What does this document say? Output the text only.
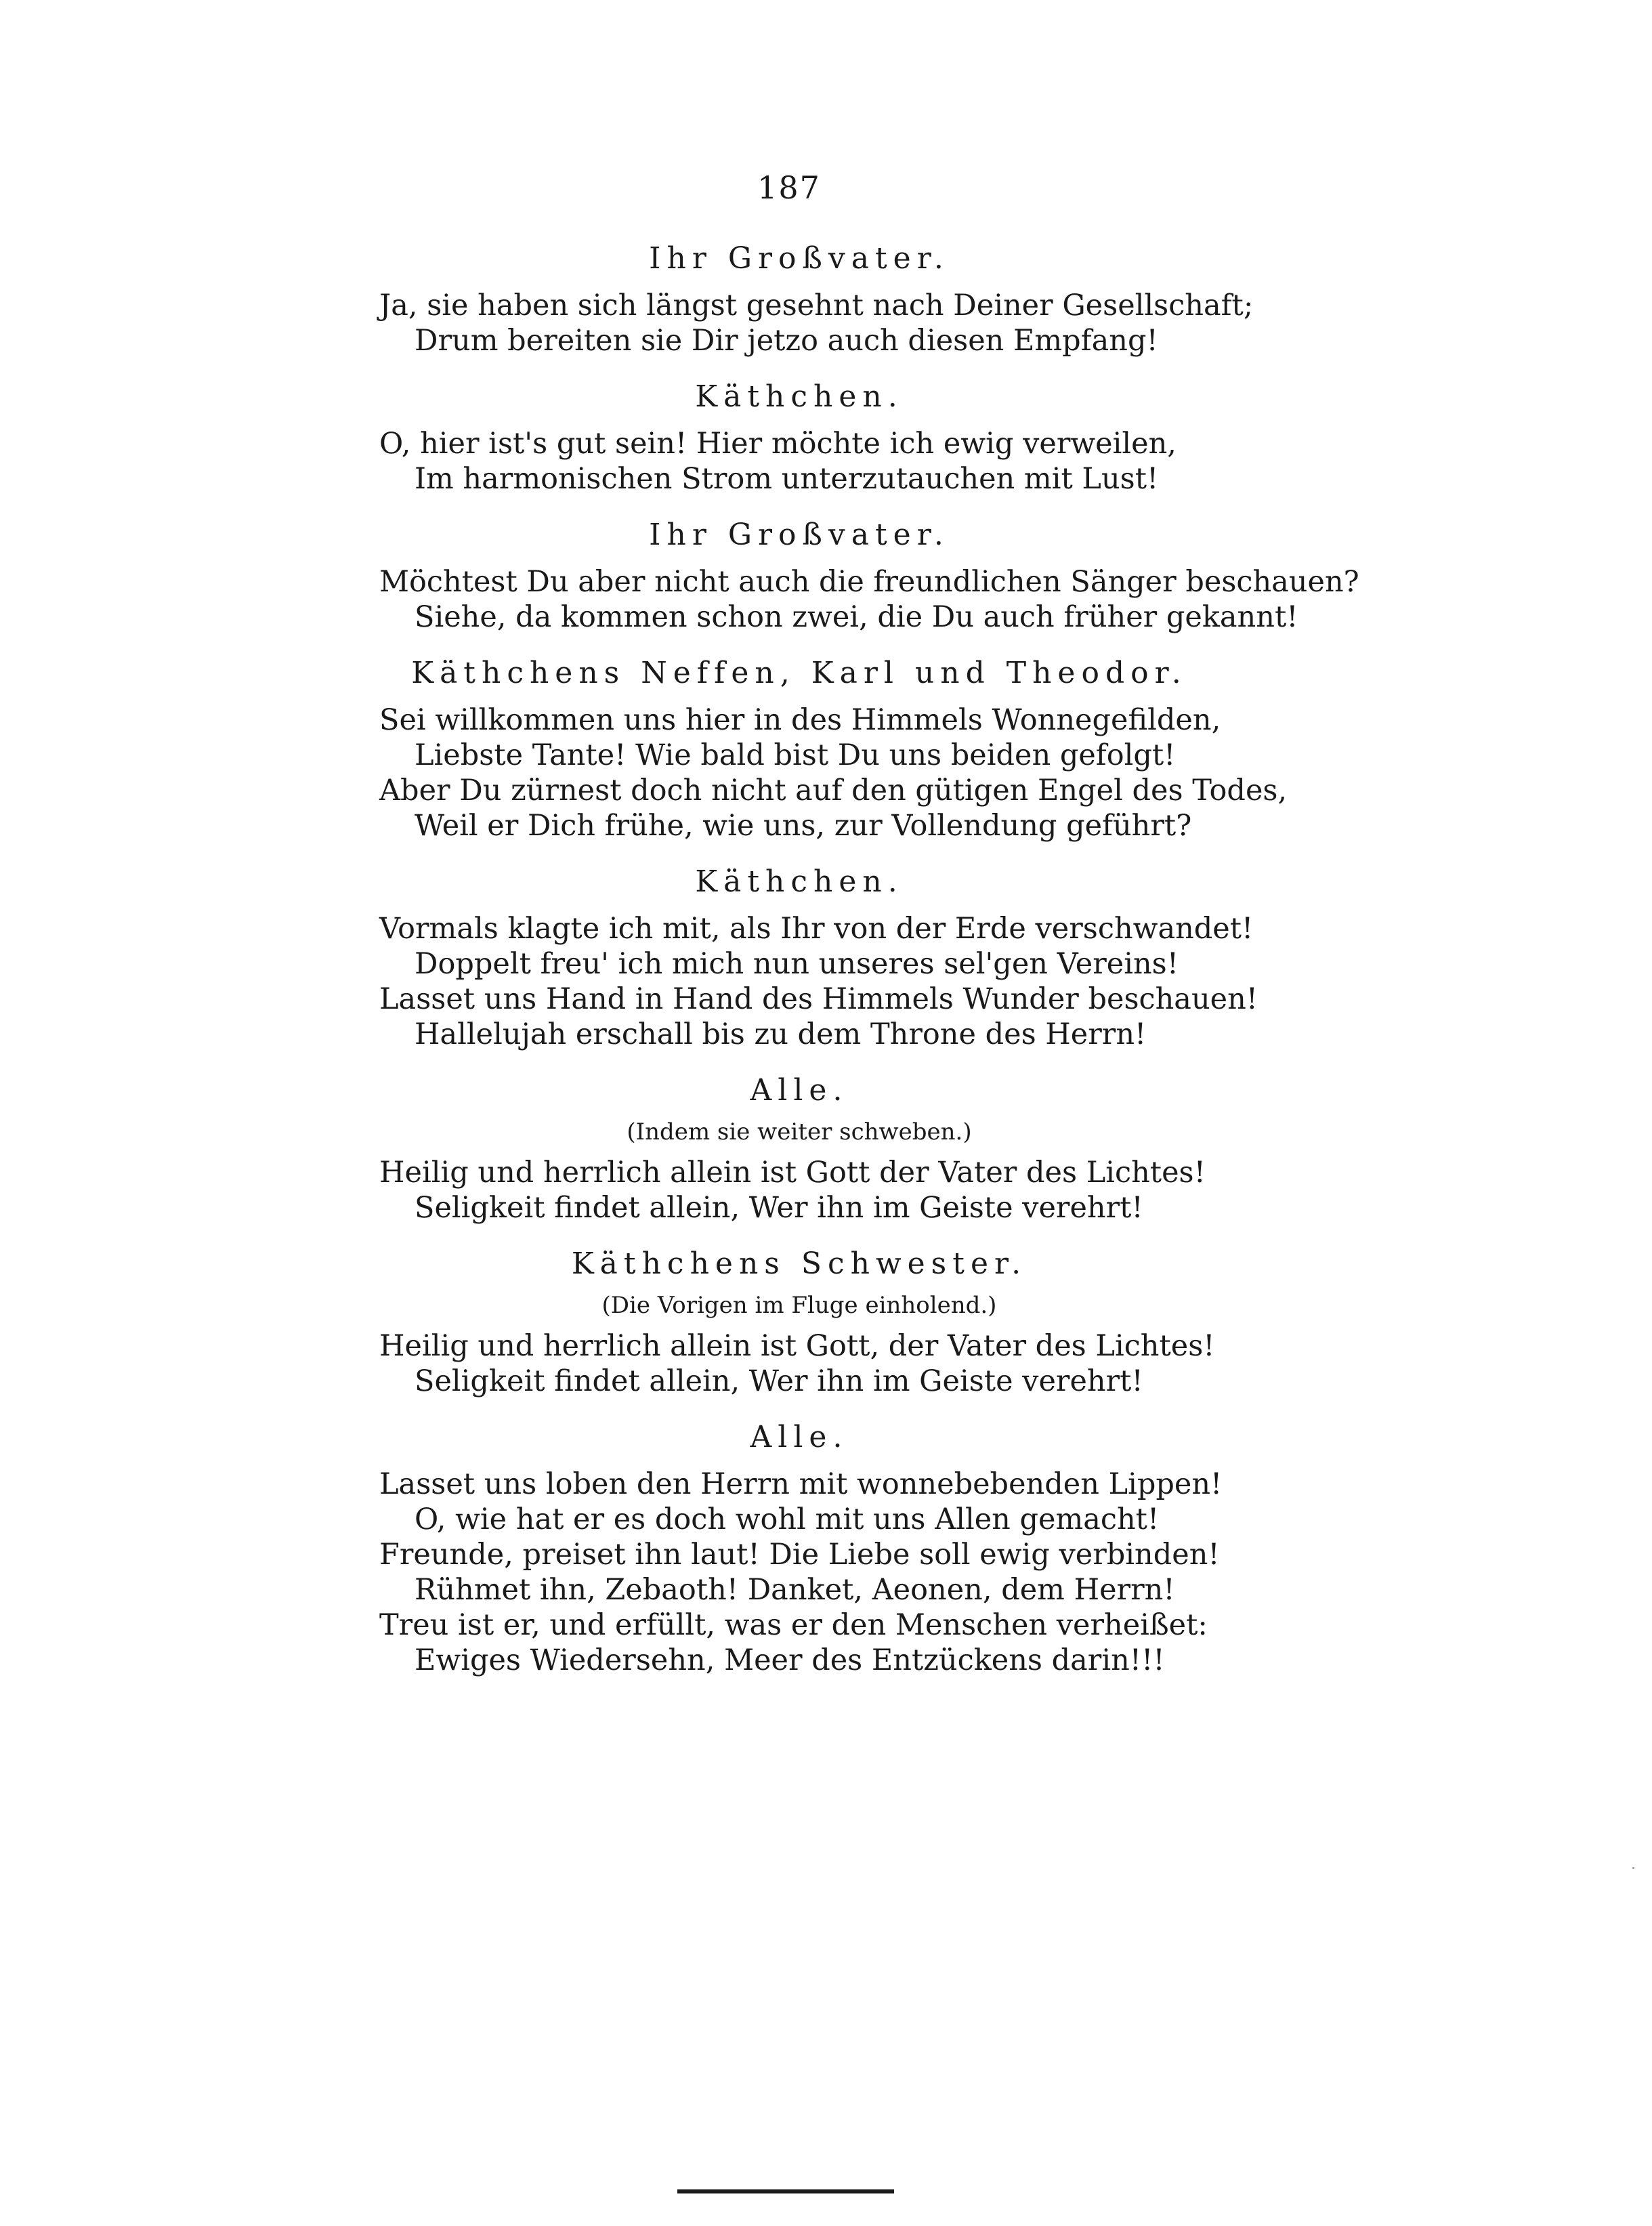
187
Ihr Großvater.
Ja, sie haben sich längst gesehnt nach Deiner Gesellschaft;
Drum bereiten sie Dir jetzo auch diesen Empfang!
Käthchen.
O, hier ist's gut sein! Hier möchte ich ewig verweilen,
Im harmonischen Strom unterzutauchen mit Lust!
Ihr Großvater.
Möchtest Du aber nicht auch die freundlichen Sänger beschauen?
Siehe, da kommen schon zwei, die Du auch früher gekannt!
Käthchens Neffen, Karl und Theodor.
Sei willkommen uns hier in des Himmels Wonnegefilden,
Liebste Tante! Wie bald bist Du uns beiden gefolgt!
Aber Du zürnest doch nicht auf den gütigen Engel des Todes,
Weil er Dich frühe, wie uns, zur Vollendung geführt?
Käthchen.
Vormals klagte ich mit, als Ihr von der Erde verschwandet!
Doppelt freu' ich mich nun unseres sel'gen Vereins!
Lasset uns Hand in Hand des Himmels Wunder beschauen!
Hallelujah erschall bis zu dem Throne des Herrn!
Alle.
(Indem sie weiter schweben.)
Heilig und herrlich allein ist Gott der Vater des Lichtes!
Seligkeit findet allein, Wer ihn im Geiste verehrt!
Käthchens Schwester.
(Die Vorigen im Fluge einholend.)
Heilig und herrlich allein ist Gott, der Vater des Lichtes!
Seligkeit findet allein, Wer ihn im Geiste verehrt!
Alle.
Lasset uns loben den Herrn mit wonnebebenden Lippen!
O, wie hat er es doch wohl mit uns Allen gemacht!
Freunde, preiset ihn laut! Die Liebe soll ewig verbinden!
Rühmet ihn, Zebaoth! Danket, Aeonen, dem Herrn!
Treu ist er, und erfüllt, was er den Menschen verheißet:
Ewiges Wiedersehn, Meer des Entzückens darin!!!
